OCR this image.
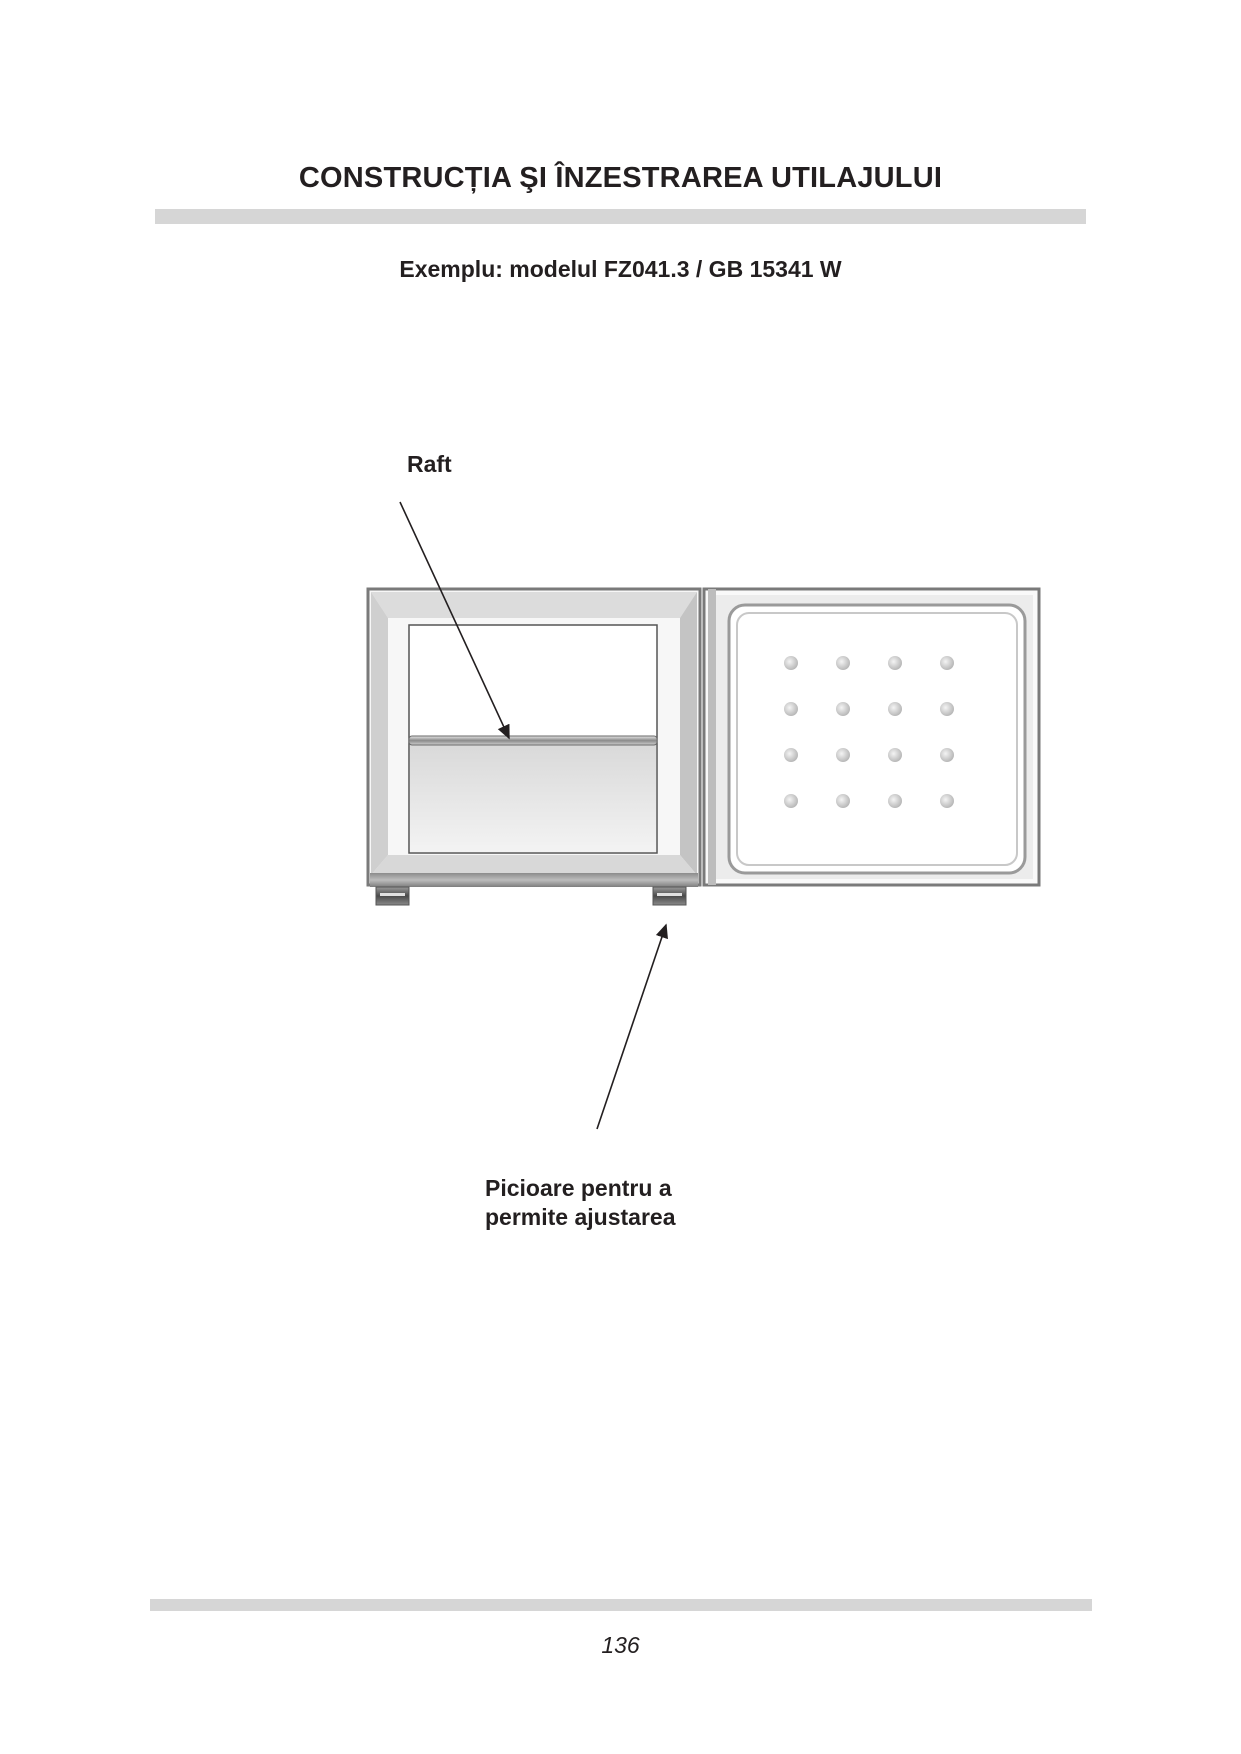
CONSTRUCȚIA ŞI ÎNZESTRAREA UTILAJULUI
Exemplu: modelul FZ041.3 / GB 15341 W
Raft
Picioare pentru a
permite ajustarea
136
